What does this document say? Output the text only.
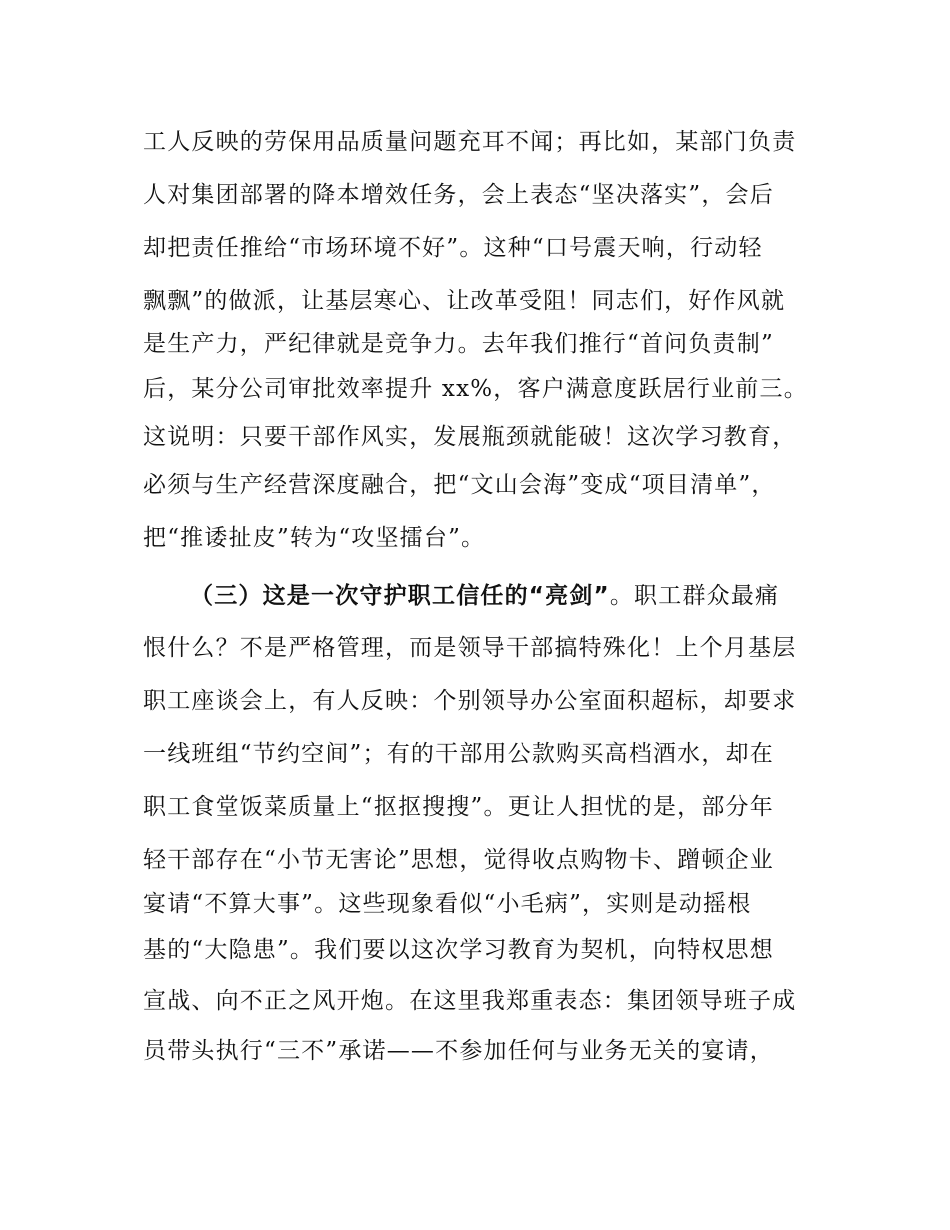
工人反映的劳保用品质量问题充耳不闻；再比如，某部门负责
人对集团部署的降本增效任务，会上表态“坚决落实”，会后
却把责任推给“市场环境不好”。这种“口号震天响，行动轻
飘飘”的做派，让基层寒心、让改革受阻！同志们，好作风就
是生产力，严纪律就是竞争力。去年我们推行“首问负责制”
后，某分公司审批效率提升 xx%，客户满意度跃居行业前三。
这说明：只要干部作风实，发展瓶颈就能破！这次学习教育，
必须与生产经营深度融合，把“文山会海”变成“项目清单”，
把“推诿扯皮”转为“攻坚擂台”。
（三）这是一次守护职工信任的“亮剑”。职工群众最痛
恨什么？不是严格管理，而是领导干部搞特殊化！上个月基层
职工座谈会上，有人反映：个别领导办公室面积超标，却要求
一线班组“节约空间”；有的干部用公款购买高档酒水，却在
职工食堂饭菜质量上“抠抠搜搜”。更让人担忧的是，部分年
轻干部存在“小节无害论”思想，觉得收点购物卡、蹭顿企业
宴请“不算大事”。这些现象看似“小毛病”，实则是动摇根
基的“大隐患”。我们要以这次学习教育为契机，向特权思想
宣战、向不正之风开炮。在这里我郑重表态：集团领导班子成
员带头执行“三不”承诺——不参加任何与业务无关的宴请，
